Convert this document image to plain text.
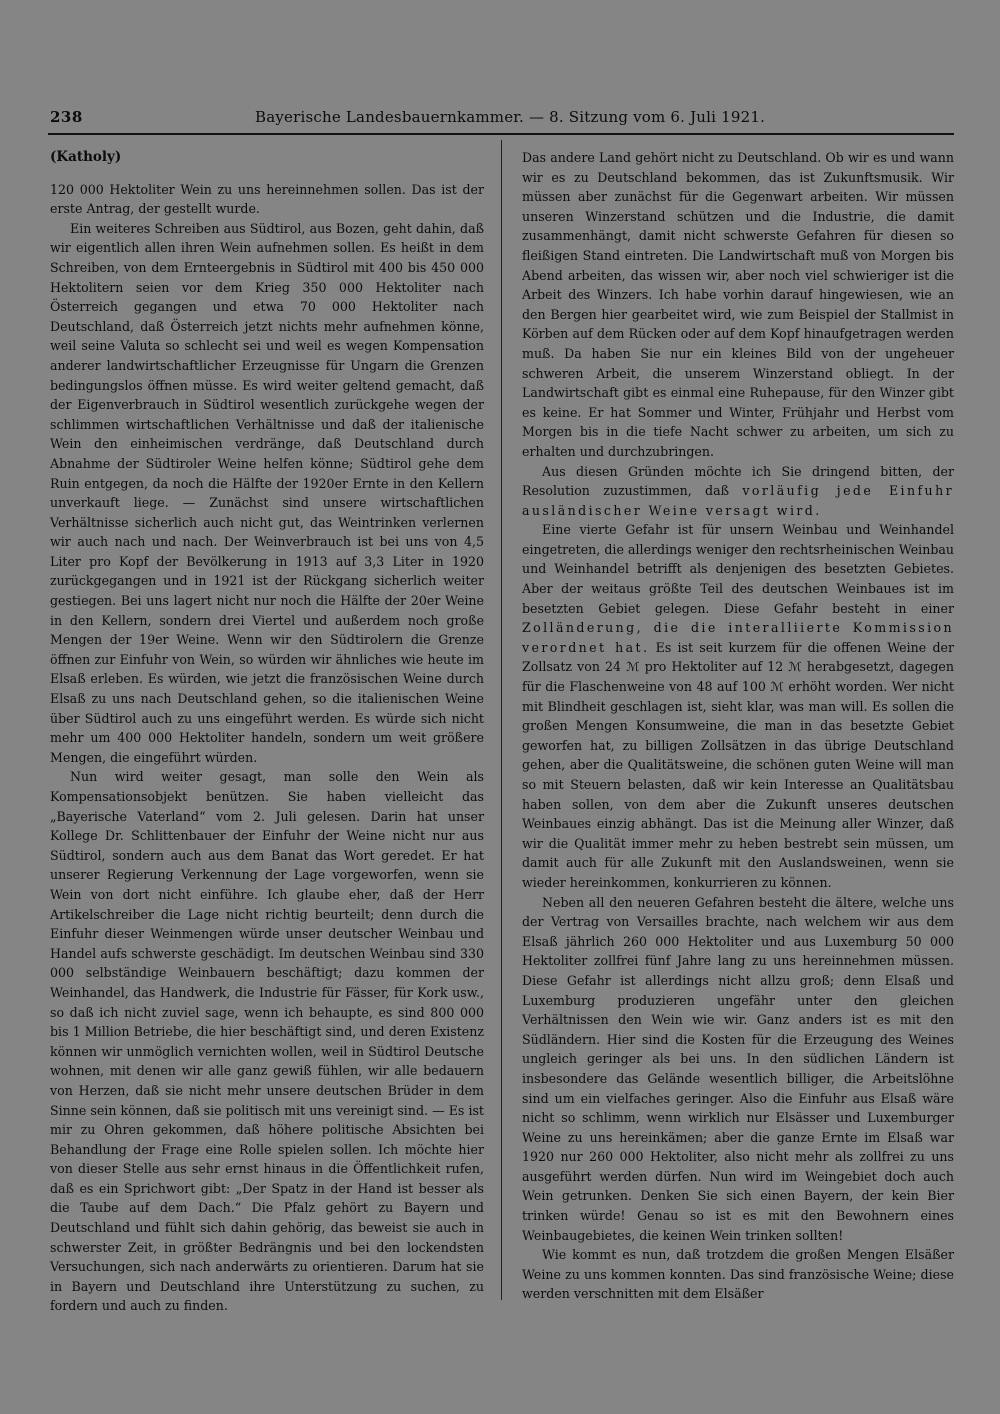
238	Bayerische Landesbauernkammer. — 8. Sitzung vom 6. Juli 1921.
(Katholy)

120 000 Hektoliter Wein zu uns hereinnehmen sollen. Das ist der erste Antrag, der gestellt wurde.

Ein weiteres Schreiben aus Südtirol, aus Bozen, geht dahin, daß wir eigentlich allen ihren Wein aufnehmen sollen. Es heißt in dem Schreiben, von dem Ernteergebnis in Südtirol mit 400 bis 450 000 Hektolitern seien vor dem Krieg 350 000 Hektoliter nach Österreich gegangen und etwa 70 000 Hektoliter nach Deutschland, daß Österreich jetzt nichts mehr aufnehmen könne, weil seine Valuta so schlecht sei und weil es wegen Kompensation anderer landwirtschaftlicher Erzeugnisse für Ungarn die Grenzen bedingungslos öffnen müsse. Es wird weiter geltend gemacht, daß der Eigenverbrauch in Südtirol wesentlich zurückgehe wegen der schlimmen wirtschaftlichen Verhältnisse und daß der italienische Wein den einheimischen verdränge, daß Deutschland durch Abnahme der Südtiroler Weine helfen könne; Südtirol gehe dem Ruin entgegen, da noch die Hälfte der 1920er Ernte in den Kellern unverkauft liege. — Zunächst sind unsere wirtschaftlichen Verhältnisse sicherlich auch nicht gut, das Weintrinken verlernen wir auch nach und nach. Der Weinverbrauch ist bei uns von 4,5 Liter pro Kopf der Bevölkerung in 1913 auf 3,3 Liter in 1920 zurückgegangen und in 1921 ist der Rückgang sicherlich weiter gestiegen. Bei uns lagert nicht nur noch die Hälfte der 20er Weine in den Kellern, sondern drei Viertel und außerdem noch große Mengen der 19er Weine. Wenn wir den Südtirolern die Grenze öffnen zur Einfuhr von Wein, so würden wir ähnliches wie heute im Elsaß erleben. Es würden, wie jetzt die französischen Weine durch Elsaß zu uns nach Deutschland gehen, so die italienischen Weine über Südtirol auch zu uns eingeführt werden. Es würde sich nicht mehr um 400 000 Hektoliter handeln, sondern um weit größere Mengen, die eingeführt würden.

Nun wird weiter gesagt, man solle den Wein als Kompensationsobjekt benützen. Sie haben vielleicht das „Bayerische Vaterland“ vom 2. Juli gelesen. Darin hat unser Kollege Dr. Schlittenbauer der Einfuhr der Weine nicht nur aus Südtirol, sondern auch aus dem Banat das Wort geredet. Er hat unserer Regierung Verkennung der Lage vorgeworfen, wenn sie Wein von dort nicht einführe. Ich glaube eher, daß der Herr Artikelschreiber die Lage nicht richtig beurteilt; denn durch die Einfuhr dieser Weinmengen würde unser deutscher Weinbau und Handel aufs schwerste geschädigt. Im deutschen Weinbau sind 330 000 selbständige Weinbauern beschäftigt; dazu kommen der Weinhandel, das Handwerk, die Industrie für Fässer, für Kork usw., so daß ich nicht zuviel sage, wenn ich behaupte, es sind 800 000 bis 1 Million Betriebe, die hier beschäftigt sind, und deren Existenz können wir unmöglich vernichten wollen, weil in Südtirol Deutsche wohnen, mit denen wir alle ganz gewiß fühlen, wir alle bedauern von Herzen, daß sie nicht mehr unsere deutschen Brüder in dem Sinne sein können, daß sie politisch mit uns vereinigt sind. — Es ist mir zu Ohren gekommen, daß höhere politische Absichten bei Behandlung der Frage eine Rolle spielen sollen. Ich möchte hier von dieser Stelle aus sehr ernst hinaus in die Öffentlichkeit rufen, daß es ein Sprichwort gibt: „Der Spatz in der Hand ist besser als die Taube auf dem Dach.“ Die Pfalz gehört zu Bayern und Deutschland und fühlt sich dahin gehörig, das beweist sie auch in schwerster Zeit, in größter Bedrängnis und bei den lockendsten Versuchungen, sich nach anderwärts zu orientieren. Darum hat sie in Bayern und Deutschland ihre Unterstützung zu suchen, zu fordern und auch zu finden.

Das andere Land gehört nicht zu Deutschland. Ob wir es und wann wir es zu Deutschland bekommen, das ist Zukunftsmusik. Wir müssen aber zunächst für die Gegenwart arbeiten. Wir müssen unseren Winzerstand schützen und die Industrie, die damit zusammenhängt, damit nicht schwerste Gefahren für diesen so fleißigen Stand eintreten. Die Landwirtschaft muß von Morgen bis Abend arbeiten, das wissen wir, aber noch viel schwieriger ist die Arbeit des Winzers. Ich habe vorhin darauf hingewiesen, wie an den Bergen hier gearbeitet wird, wie zum Beispiel der Stallmist in Körben auf dem Rücken oder auf dem Kopf hinaufgetragen werden muß. Da haben Sie nur ein kleines Bild von der ungeheuer schweren Arbeit, die unserem Winzerstand obliegt. In der Landwirtschaft gibt es einmal eine Ruhepause, für den Winzer gibt es keine. Er hat Sommer und Winter, Frühjahr und Herbst vom Morgen bis in die tiefe Nacht schwer zu arbeiten, um sich zu erhalten und durchzubringen.

Aus diesen Gründen möchte ich Sie dringend bitten, der Resolution zuzustimmen, daß vorläufig jede Einfuhr ausländischer Weine versagt wird.

Eine vierte Gefahr ist für unsern Weinbau und Weinhandel eingetreten, die allerdings weniger den rechtsrheinischen Weinbau und Weinhandel betrifft als denjenigen des besetzten Gebietes. Aber der weitaus größte Teil des deutschen Weinbaues ist im besetzten Gebiet gelegen. Diese Gefahr besteht in einer Zolländerung, die die interalliierte Kommission verordnet hat. Es ist seit kurzem für die offenen Weine der Zollsatz von 24 ℳ pro Hektoliter auf 12 ℳ herabgesetzt, dagegen für die Flaschenweine von 48 auf 100 ℳ erhöht worden. Wer nicht mit Blindheit geschlagen ist, sieht klar, was man will. Es sollen die großen Mengen Konsumweine, die man in das besetzte Gebiet geworfen hat, zu billigen Zollsätzen in das übrige Deutschland gehen, aber die Qualitätsweine, die schönen guten Weine will man so mit Steuern belasten, daß wir kein Interesse an Qualitätsbau haben sollen, von dem aber die Zukunft unseres deutschen Weinbaues einzig abhängt. Das ist die Meinung aller Winzer, daß wir die Qualität immer mehr zu heben bestrebt sein müssen, um damit auch für alle Zukunft mit den Auslandsweinen, wenn sie wieder hereinkommen, konkurrieren zu können.

Neben all den neueren Gefahren besteht die ältere, welche uns der Vertrag von Versailles brachte, nach welchem wir aus dem Elsaß jährlich 260 000 Hektoliter und aus Luxemburg 50 000 Hektoliter zollfrei fünf Jahre lang zu uns hereinnehmen müssen. Diese Gefahr ist allerdings nicht allzu groß; denn Elsaß und Luxemburg produzieren ungefähr unter den gleichen Verhältnissen den Wein wie wir. Ganz anders ist es mit den Südländern. Hier sind die Kosten für die Erzeugung des Weines ungleich geringer als bei uns. In den südlichen Ländern ist insbesondere das Gelände wesentlich billiger, die Arbeitslöhne sind um ein vielfaches geringer. Also die Einfuhr aus Elsaß wäre nicht so schlimm, wenn wirklich nur Elsässer und Luxemburger Weine zu uns hereinkämen; aber die ganze Ernte im Elsaß war 1920 nur 260 000 Hektoliter, also nicht mehr als zollfrei zu uns ausgeführt werden dürfen. Nun wird im Weingebiet doch auch Wein getrunken. Denken Sie sich einen Bayern, der kein Bier trinken würde! Genau so ist es mit den Bewohnern eines Weinbaugebietes, die keinen Wein trinken sollten!

Wie kommt es nun, daß trotzdem die großen Mengen Elsäßer Weine zu uns kommen konnten. Das sind französische Weine; diese werden verschnitten mit dem Elsäßer
